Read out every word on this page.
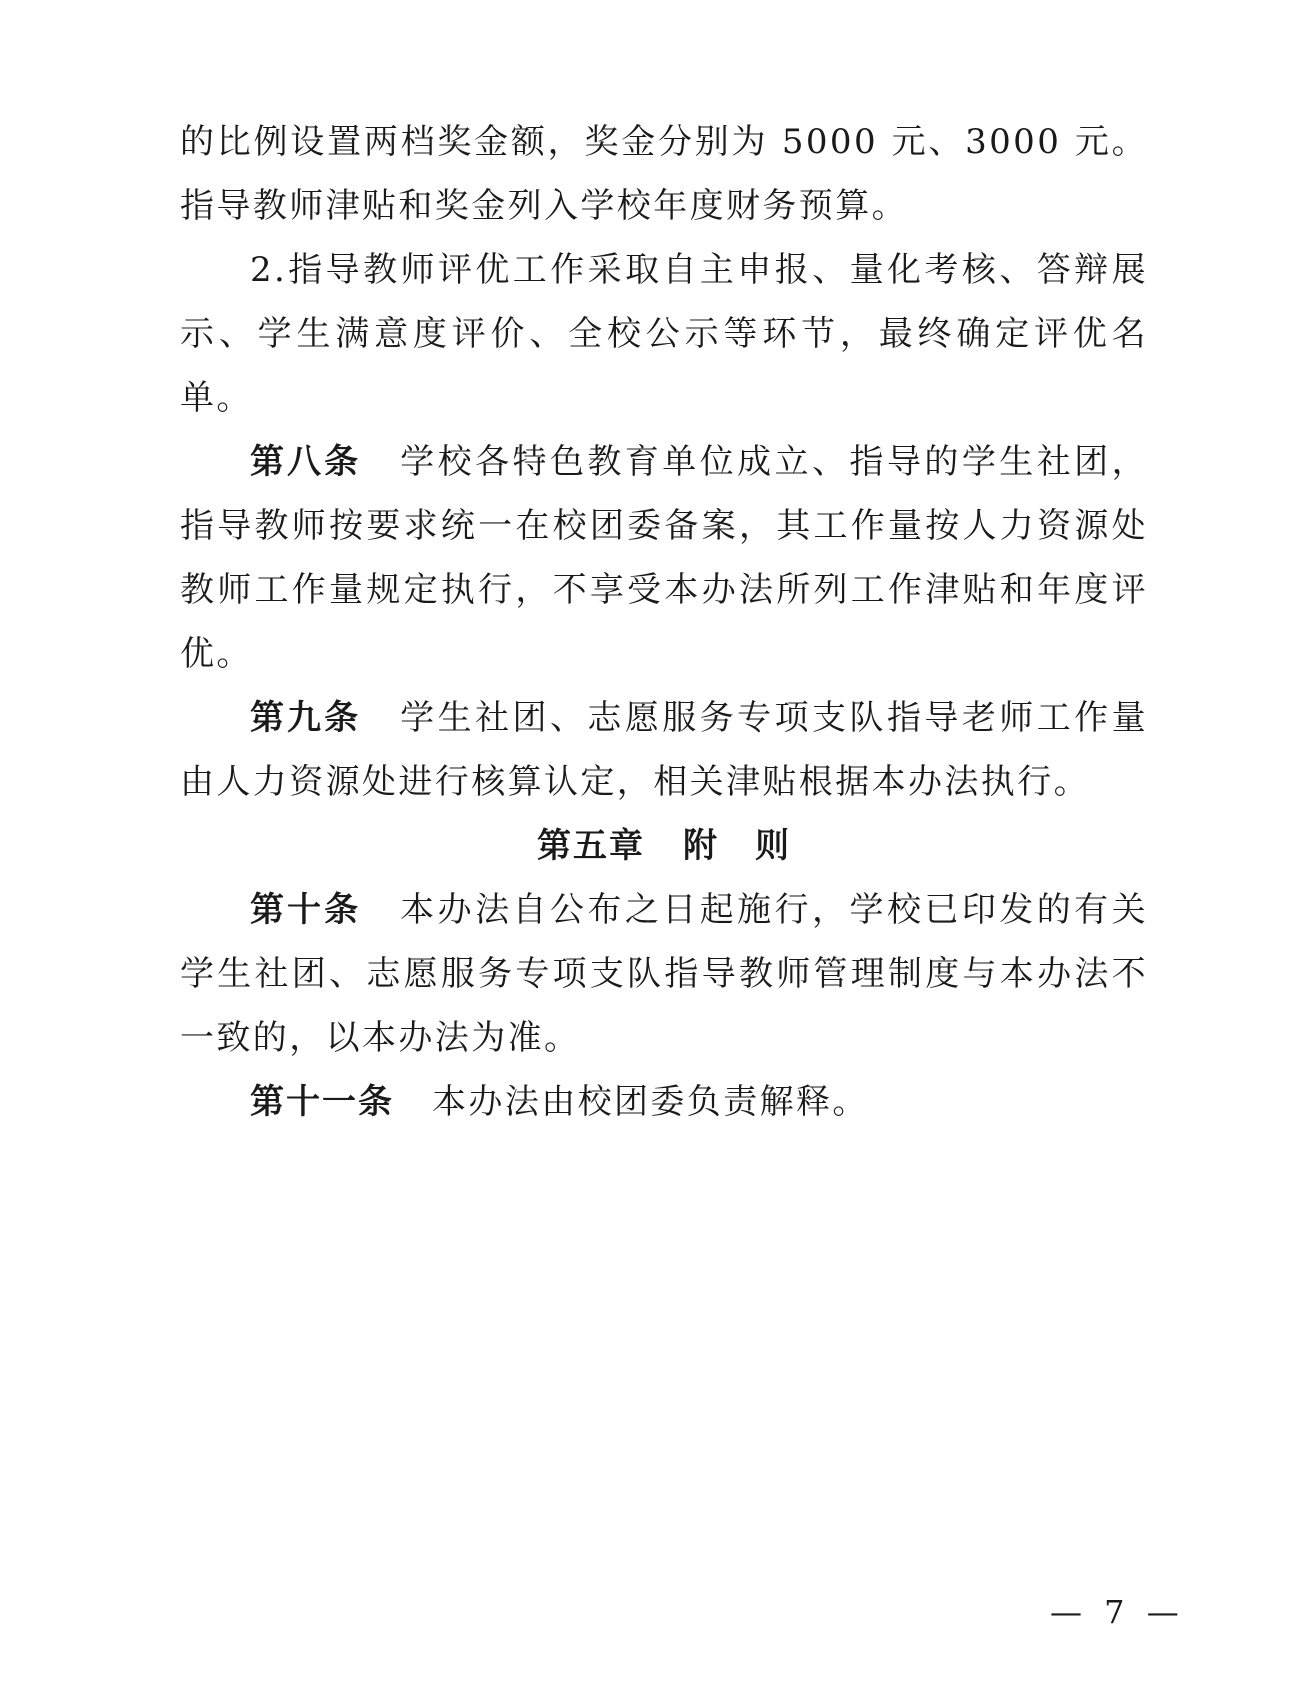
的比例设置两档奖金额，奖金分别为 5000 元、3000 元。指导教师津贴和奖金列入学校年度财务预算。

2.指导教师评优工作采取自主申报、量化考核、答辩展示、学生满意度评价、全校公示等环节，最终确定评优名单。

第八条 学校各特色教育单位成立、指导的学生社团，指导教师按要求统一在校团委备案，其工作量按人力资源处教师工作量规定执行，不享受本办法所列工作津贴和年度评优。

第九条 学生社团、志愿服务专项支队指导老师工作量由人力资源处进行核算认定，相关津贴根据本办法执行。

第五章 附　则

第十条 本办法自公布之日起施行，学校已印发的有关学生社团、志愿服务专项支队指导教师管理制度与本办法不一致的，以本办法为准。

第十一条 本办法由校团委负责解释。

— 7 —
